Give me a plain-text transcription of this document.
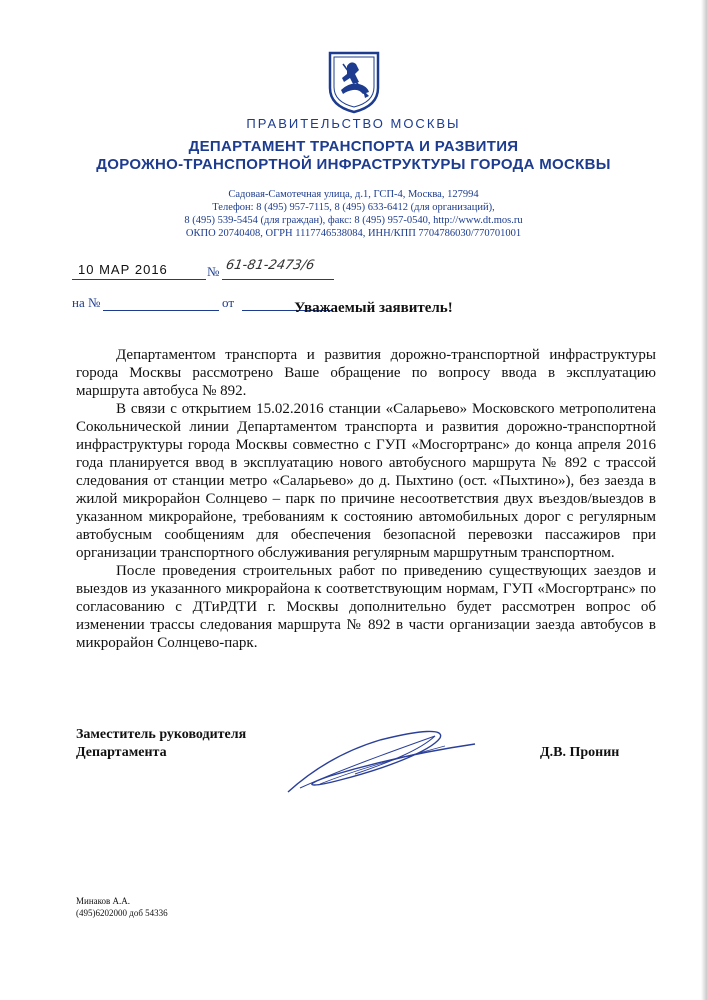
ПРАВИТЕЛЬСТВО МОСКВЫ
ДЕПАРТАМЕНТ ТРАНСПОРТА И РАЗВИТИЯ
ДОРОЖНО-ТРАНСПОРТНОЙ ИНФРАСТРУКТУРЫ ГОРОДА МОСКВЫ
Садовая-Самотечная улица, д.1, ГСП-4, Москва, 127994
Телефон: 8 (495) 957-7115, 8 (495) 633-6412 (для организаций),
8 (495) 539-5454 (для граждан), факс: 8 (495) 957-0540, http://www.dt.mos.ru
ОКПО 20740408, ОГРН 1117746538084, ИНН/КПП 7704786030/770701001
10 МАР 2016	№ 61-81-2473/6
на №	от	Уважаемый заявитель!

Департаментом транспорта и развития дорожно-транспортной инфраструктуры города Москвы рассмотрено Ваше обращение по вопросу ввода в эксплуатацию маршрута автобуса № 892.

В связи с открытием 15.02.2016 станции «Саларьево» Московского метрополитена Сокольнической линии Департаментом транспорта и развития дорожно-транспортной инфраструктуры города Москвы совместно с ГУП «Мосгортранс» до конца апреля 2016 года планируется ввод в эксплуатацию нового автобусного маршрута № 892 с трассой следования от станции метро «Саларьево» до д. Пыхтино (ост. «Пыхтино»), без заезда в жилой микрорайон Солнцево – парк по причине несоответствия двух въездов/выездов в указанном микрорайоне, требованиям к состоянию автомобильных дорог с регулярным автобусным сообщениям для обеспечения безопасной перевозки пассажиров при организации транспортного обслуживания регулярным маршрутным транспортном.

После проведения строительных работ по приведению существующих заездов и выездов из указанного микрорайона к соответствующим нормам, ГУП «Мосгортранс» по согласованию с ДТиРДТИ г. Москвы дополнительно будет рассмотрен вопрос об изменении трассы следования маршрута № 892 в части организации заезда автобусов в микрорайон Солнцево-парк.

Заместитель руководителя
Департамента	Д.В. Пронин
Минаков А.А.
(495)6202000 доб 54336
